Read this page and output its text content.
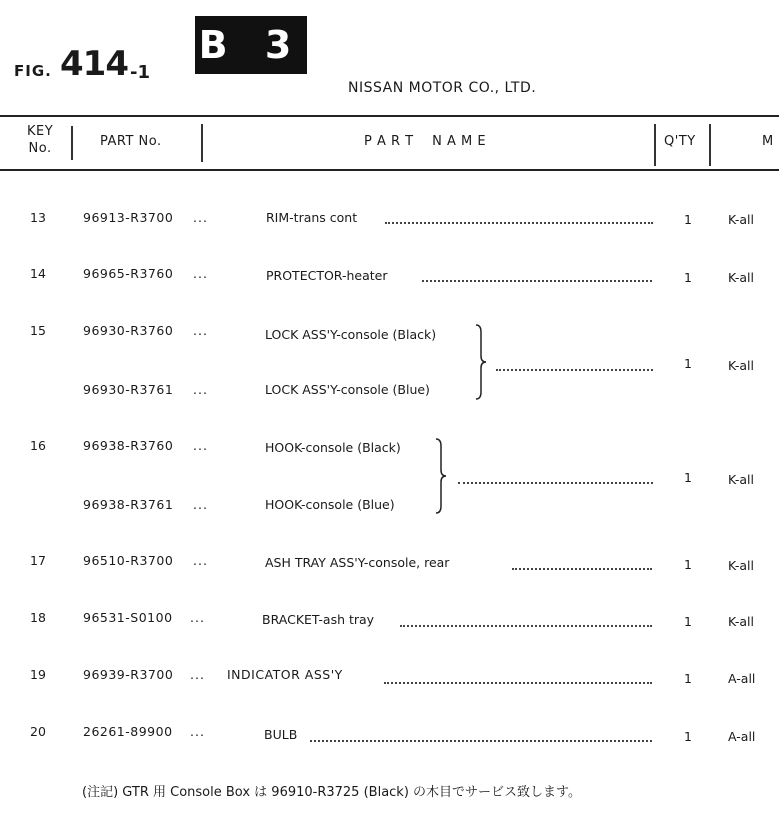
FIG. 414 -1
B 3
NISSAN MOTOR CO., LTD.
KEY
No.	PART No.	P A R T    N A M E	Q'TY	M
13	96913-R3700 ...	RIM-trans cont	1	K-all
14	96965-R3760 ...	PROTECTOR-heater	1	K-all
15	96930-R3760 ...	LOCK ASS'Y-console (Black)
96930-R3761 ...	LOCK ASS'Y-console (Blue)
1	K-all
16	96938-R3760 ...	HOOK-console (Black)
96938-R3761 ...	HOOK-console (Blue)
1	K-all
17	96510-R3700 ...	ASH TRAY ASS'Y-console, rear	1	K-all
18	96531-S0100 ...	BRACKET-ash tray	1	K-all
19	96939-R3700 ... INDICATOR ASS'Y	1	A-all
20	26261-89900 ...	BULB	1	A-all
(注記) GTR 用 Console Box は 96910-R3725 (Black) の木目でサービス致します。
